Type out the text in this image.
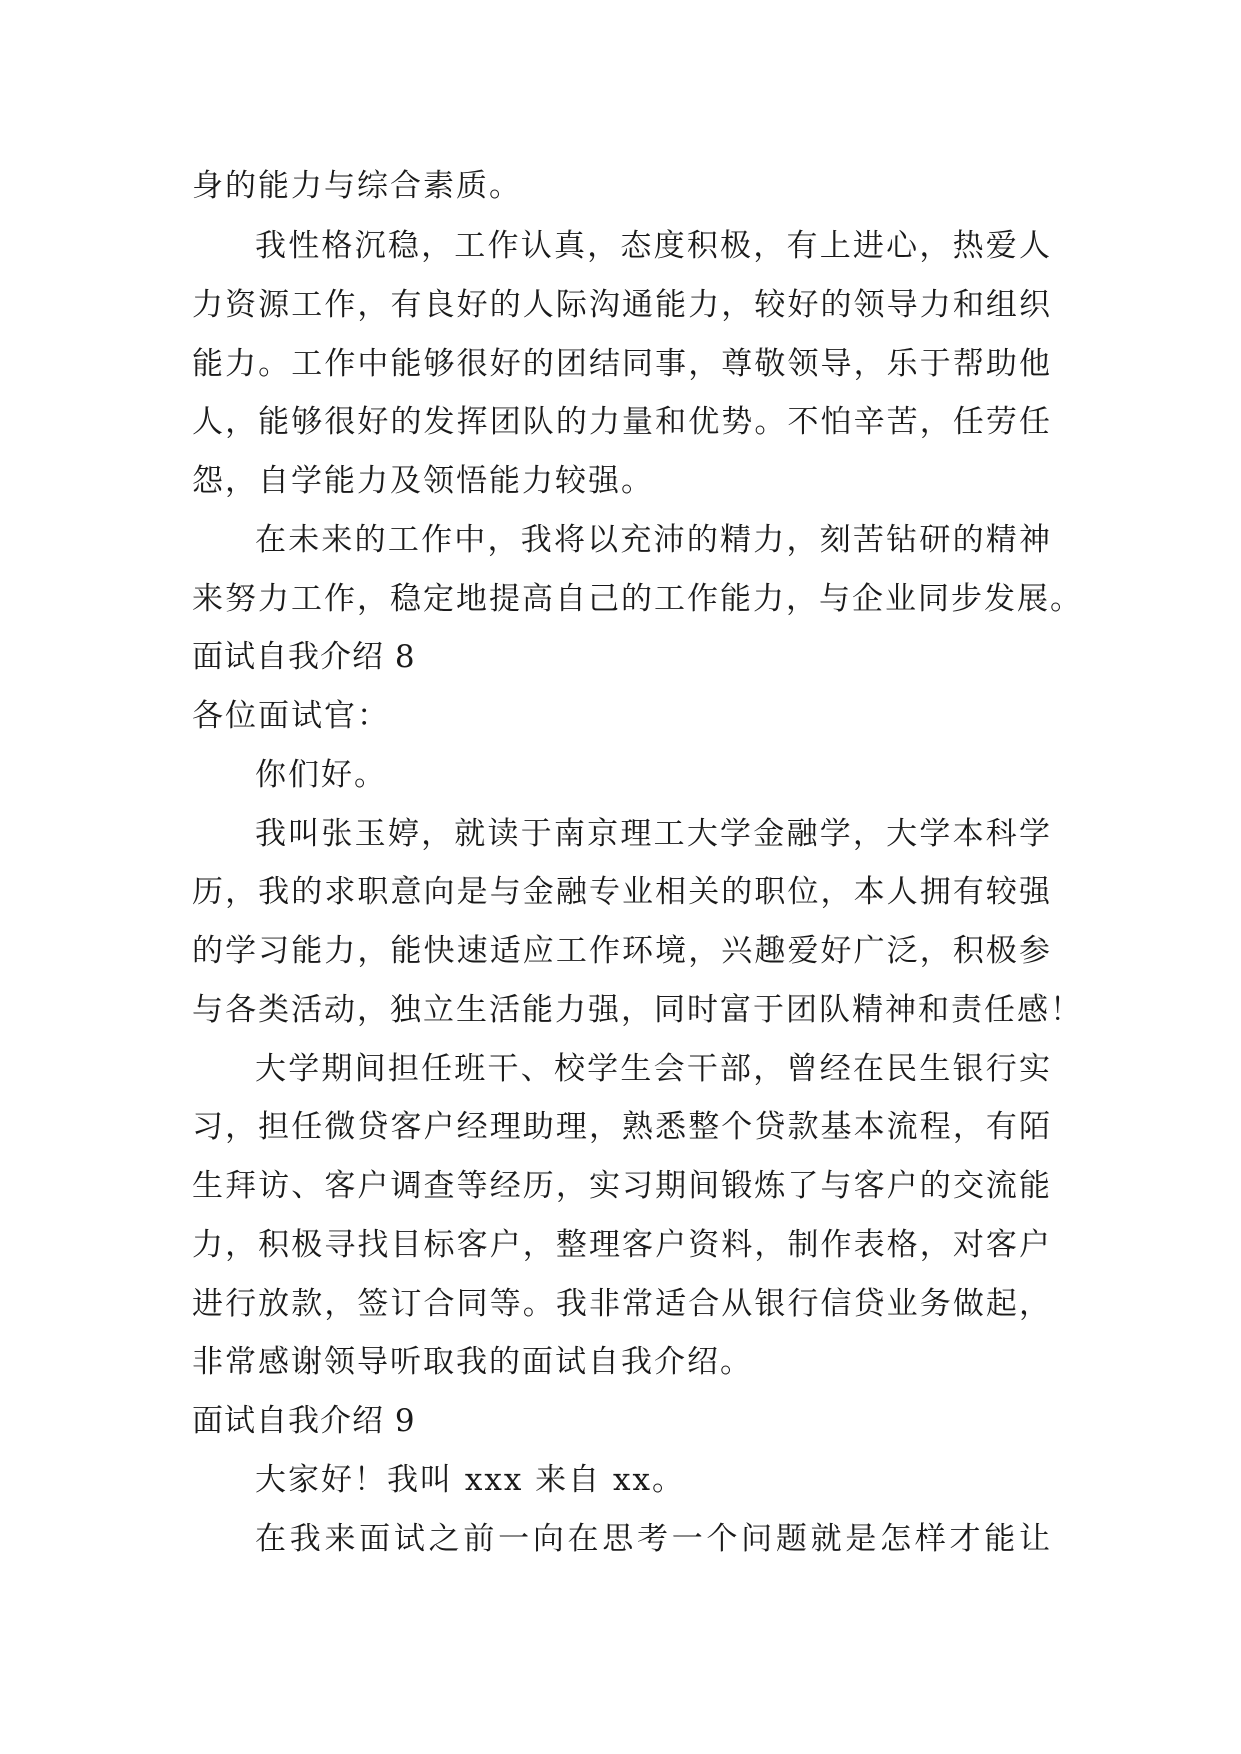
身的能力与综合素质。
我性格沉稳，工作认真，态度积极，有上进心，热爱人
力资源工作，有良好的人际沟通能力，较好的领导力和组织
能力。工作中能够很好的团结同事，尊敬领导，乐于帮助他
人，能够很好的发挥团队的力量和优势。不怕辛苦，任劳任
怨，自学能力及领悟能力较强。
在未来的工作中，我将以充沛的精力，刻苦钻研的精神
来努力工作，稳定地提高自己的工作能力，与企业同步发展。
面试自我介绍 8
各位面试官：
你们好。
我叫张玉婷，就读于南京理工大学金融学，大学本科学
历，我的求职意向是与金融专业相关的职位，本人拥有较强
的学习能力，能快速适应工作环境，兴趣爱好广泛，积极参
与各类活动，独立生活能力强，同时富于团队精神和责任感！
大学期间担任班干、校学生会干部，曾经在民生银行实
习，担任微贷客户经理助理，熟悉整个贷款基本流程，有陌
生拜访、客户调查等经历，实习期间锻炼了与客户的交流能
力，积极寻找目标客户，整理客户资料，制作表格，对客户
进行放款，签订合同等。我非常适合从银行信贷业务做起，
非常感谢领导听取我的面试自我介绍。
面试自我介绍 9
大家好！我叫 xxx 来自 xx。
在我来面试之前一向在思考一个问题就是怎样才能让
